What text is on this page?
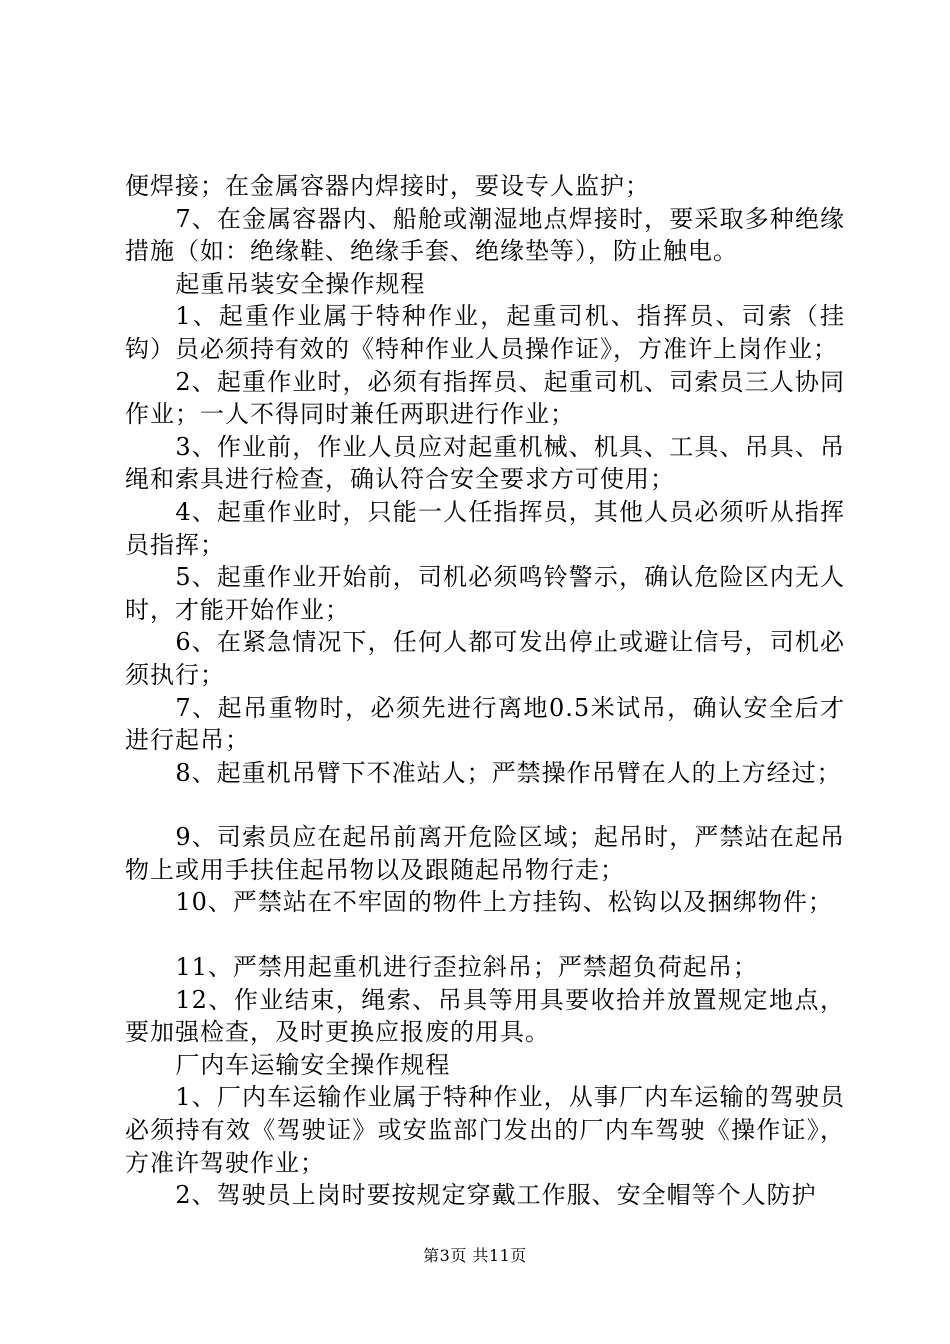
便焊接；在金属容器内焊接时，要设专人监护；

7、在金属容器内、船舱或潮湿地点焊接时，要采取多种绝缘措施（如：绝缘鞋、绝缘手套、绝缘垫等），防止触电。

起重吊装安全操作规程

1、起重作业属于特种作业，起重司机、指挥员、司索（挂钩）员必须持有效的《特种作业人员操作证》，方准许上岗作业；

2、起重作业时，必须有指挥员、起重司机、司索员三人协同作业；一人不得同时兼任两职进行作业；

3、作业前，作业人员应对起重机械、机具、工具、吊具、吊绳和索具进行检查，确认符合安全要求方可使用；

4、起重作业时，只能一人任指挥员，其他人员必须听从指挥员指挥；

5、起重作业开始前，司机必须鸣铃警示，确认危险区内无人时，才能开始作业；

6、在紧急情况下，任何人都可发出停止或避让信号，司机必须执行；

7、起吊重物时，必须先进行离地0.5米试吊，确认安全后才进行起吊；

8、起重机吊臂下不准站人；严禁操作吊臂在人的上方经过；

9、司索员应在起吊前离开危险区域；起吊时，严禁站在起吊物上或用手扶住起吊物以及跟随起吊物行走；

10、严禁站在不牢固的物件上方挂钩、松钩以及捆绑物件；

11、严禁用起重机进行歪拉斜吊；严禁超负荷起吊；

12、作业结束，绳索、吊具等用具要收拾并放置规定地点，要加强检查，及时更换应报废的用具。

厂内车运输安全操作规程

1、厂内车运输作业属于特种作业，从事厂内车运输的驾驶员必须持有效《驾驶证》或安监部门发出的厂内车驾驶《操作证》，方准许驾驶作业；

2、驾驶员上岗时要按规定穿戴工作服、安全帽等个人防护

第3页 共11页
